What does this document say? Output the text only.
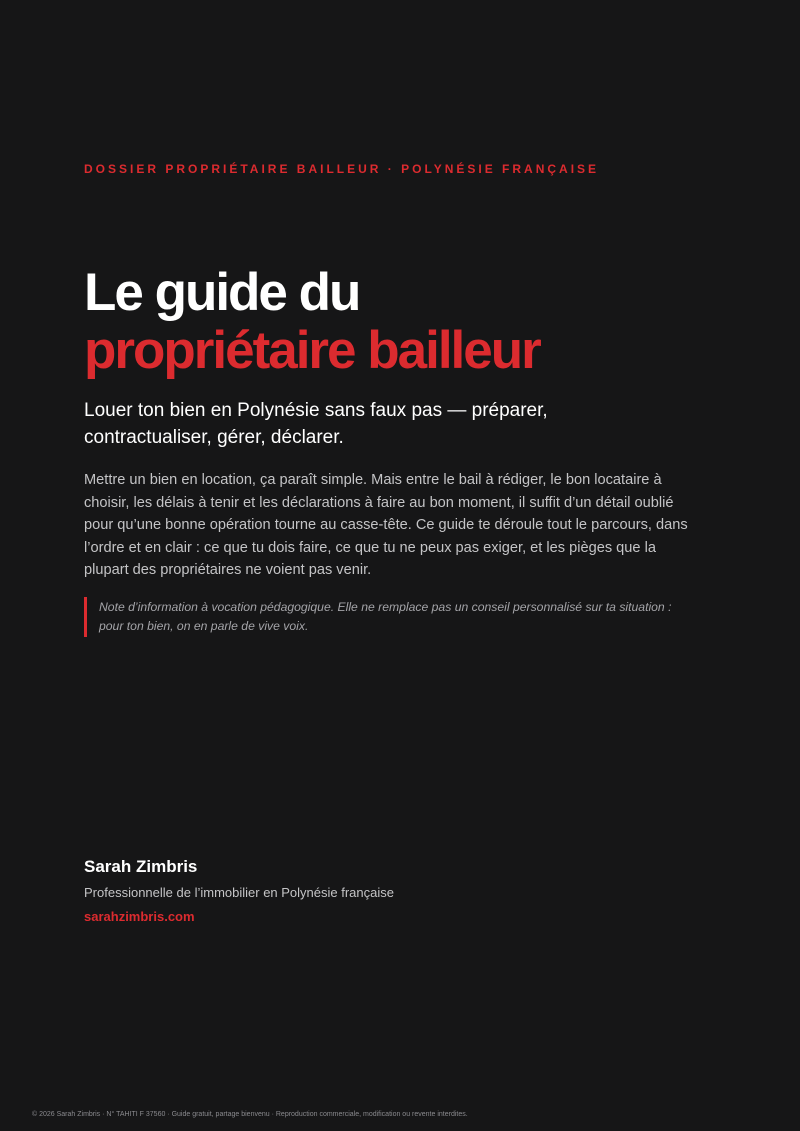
DOSSIER PROPRIÉTAIRE BAILLEUR · POLYNÉSIE FRANÇAISE
Le guide du
propriétaire bailleur

Louer ton bien en Polynésie sans faux pas — préparer, contractualiser, gérer, déclarer.

Mettre un bien en location, ça paraît simple. Mais entre le bail à rédiger, le bon locataire à choisir, les délais à tenir et les déclarations à faire au bon moment, il suffit d’un détail oublié pour qu’une bonne opération tourne au casse-tête. Ce guide te déroule tout le parcours, dans l’ordre et en clair : ce que tu dois faire, ce que tu ne peux pas exiger, et les pièges que la plupart des propriétaires ne voient pas venir.

Note d’information à vocation pédagogique. Elle ne remplace pas un conseil personnalisé sur ta situation : pour ton bien, on en parle de vive voix.
Sarah Zimbris
Professionnelle de l’immobilier en Polynésie française
sarahzimbris.com
© 2026 Sarah Zimbris · N° TAHITI F 37560 · Guide gratuit, partage bienvenu · Reproduction commerciale, modification ou revente interdites.
